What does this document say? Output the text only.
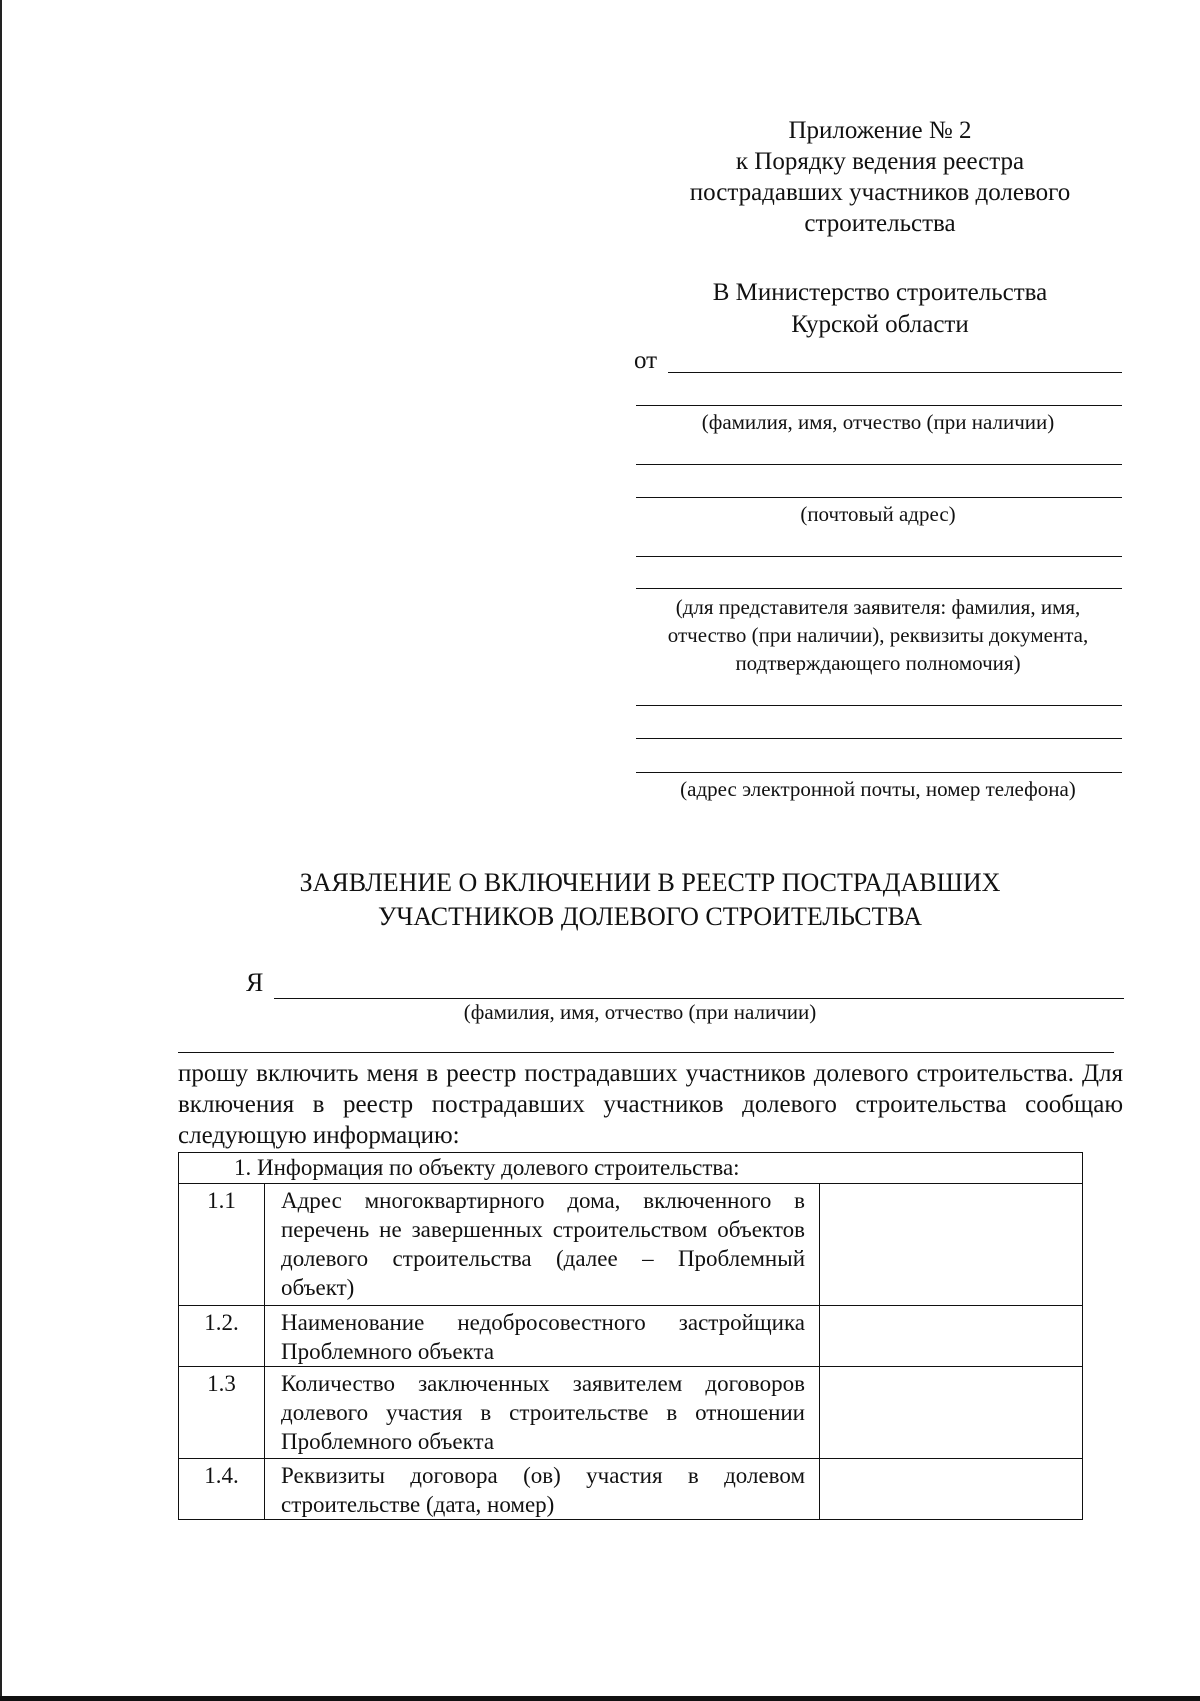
Приложение № 2
к Порядку ведения реестра
пострадавших участников долевого
строительства
В Министерство строительства
Курской области
от
(фамилия, имя, отчество (при наличии)
(почтовый адрес)
(для представителя заявителя: фамилия, имя,
отчество (при наличии), реквизиты документа,
подтверждающего полномочия)
(адрес электронной почты, номер телефона)
ЗАЯВЛЕНИЕ О ВКЛЮЧЕНИИ В РЕЕСТР ПОСТРАДАВШИХ
УЧАСТНИКОВ ДОЛЕВОГО СТРОИТЕЛЬСТВА
Я
(фамилия, имя, отчество (при наличии)
прошу включить меня в реестр пострадавших участников долевого строительства. Для включения в реестр пострадавших участников долевого строительства сообщаю следующую информацию:
1. Информация по объекту долевого строительства:		
1.1	Адрес многоквартирного дома, включенного в перечень не завершенных строительством объектов долевого строительства (далее – Проблемный объект)	
1.2.	Наименование недобросовестного застройщика Проблемного объекта	
1.3	Количество заключенных заявителем договоров долевого участия в строительстве в отношении Проблемного объекта	
1.4.	Реквизиты договора (ов) участия в долевом строительстве (дата, номер)	
